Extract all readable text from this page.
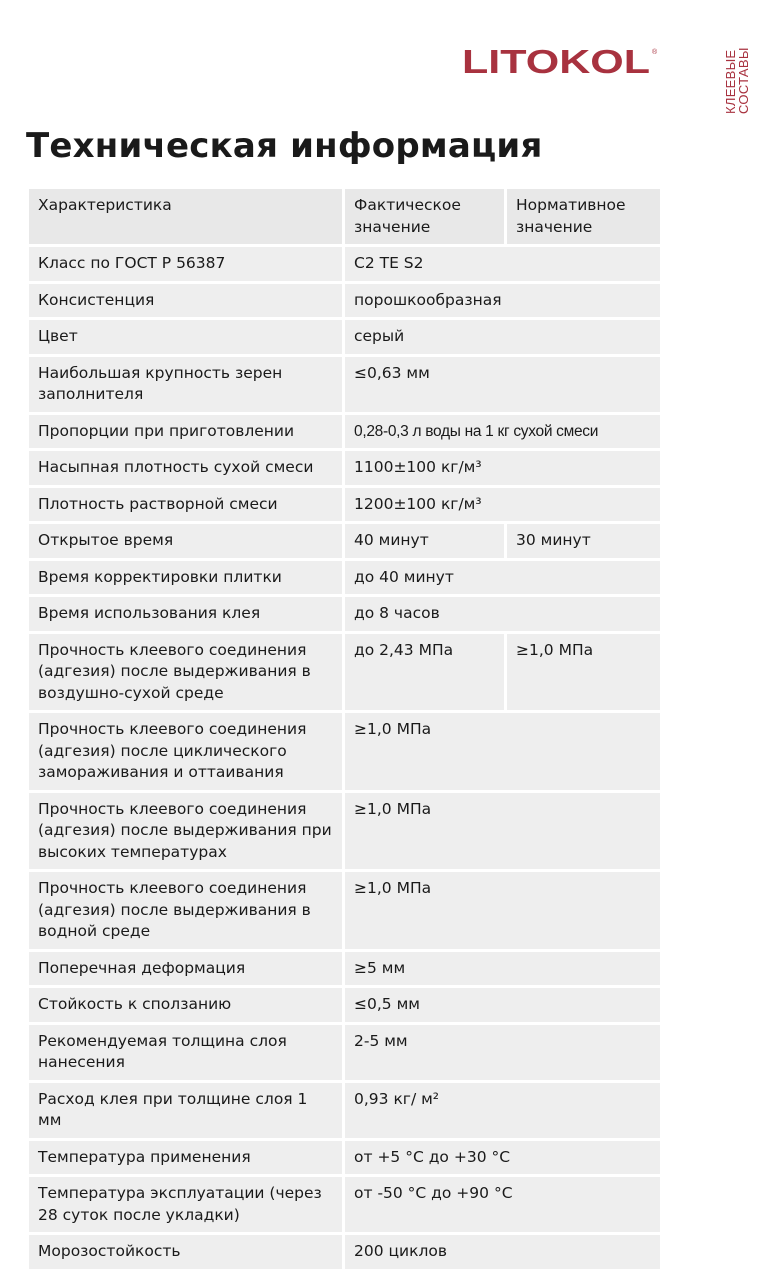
LITOKOL ®	КЛЕЕВЫЕ
СОСТАВЫ
Техническая информация
Характеристика	Фактическое значение	Нормативное значение
Класс по ГОСТ Р 56387	C2 TE S2	
Консистенция	порошкообразная	
Цвет	серый	
Наибольшая крупность зерен заполнителя	≤0,63 мм	
Пропорции при приготовлении	0,28-0,3 л воды на 1 кг сухой смеси	
Насыпная плотность сухой смеси	1100±100 кг/м³	
Плотность растворной смеси	1200±100 кг/м³	
Открытое время	40 минут	30 минут
Время корректировки плитки	до 40 минут	
Время использования клея	до 8 часов	
Прочность клеевого соединения (адгезия) после выдерживания в воздушно-сухой среде	до 2,43 МПа	≥1,0 МПа
Прочность клеевого соединения (адгезия) после циклического замораживания и оттаивания	≥1,0 МПа	
Прочность клеевого соединения (адгезия) после выдерживания при высоких температурах	≥1,0 МПа	
Прочность клеевого соединения (адгезия) после выдерживания в водной среде	≥1,0 МПа	
Поперечная деформация	≥5 мм	
Стойкость к сползанию	≤0,5 мм	
Рекомендуемая толщина слоя нанесения	2-5 мм	
Расход клея при толщине слоя 1 мм	0,93 кг/ м²	
Температура применения	от +5 °С до +30 °С	
Температура эксплуатации (через 28 суток после укладки)	от -50 °С до +90 °С	
Морозостойкость	200 циклов	
